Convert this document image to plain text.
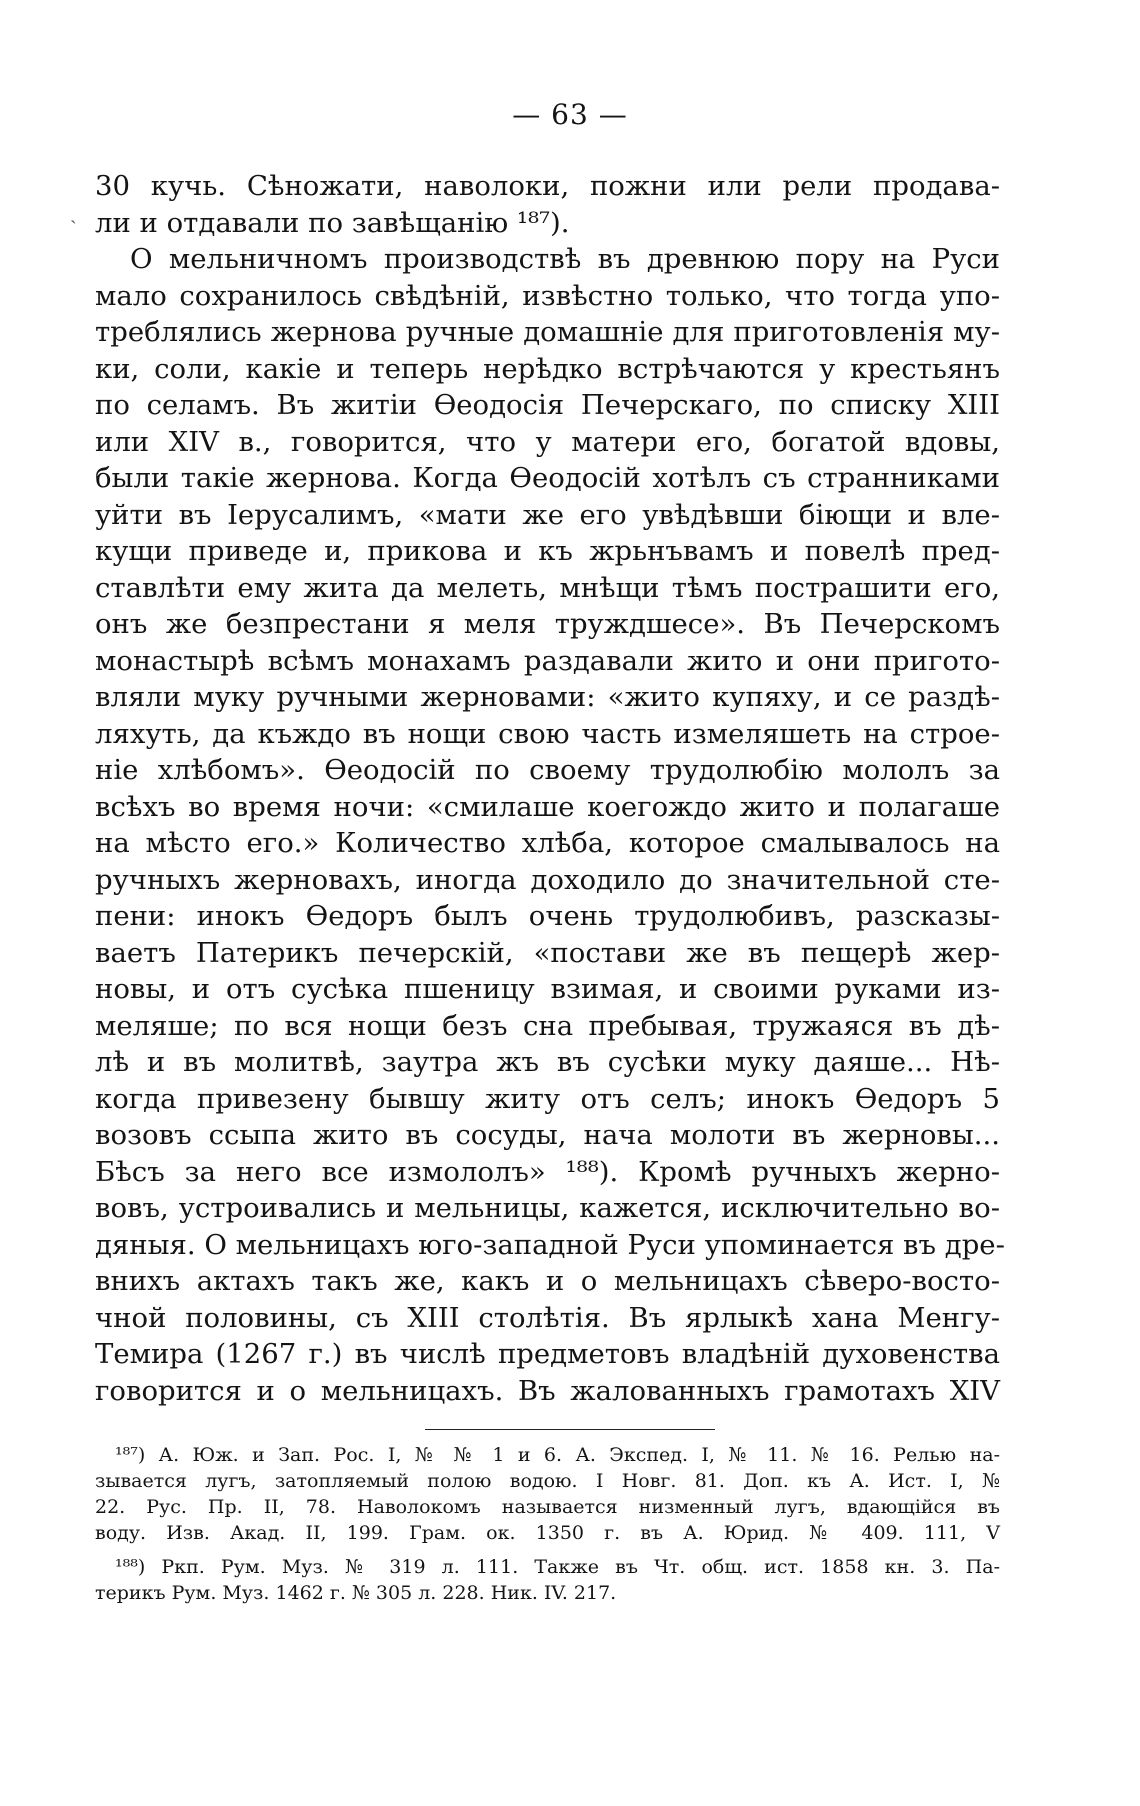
— 63 —
ˏ
30 кучь. Сѣножати, наволоки, пожни или рели продава-
ли и отдавали по завѣщанію ¹⁸⁷).
О мельничномъ производствѣ въ древнюю пору на Руси
мало сохранилось свѣдѣній, извѣстно только, что тогда упо-
треблялись жернова ручные домашніе для приготовленія му-
ки, соли, какіе и теперь нерѣдко встрѣчаются у крестьянъ
по селамъ. Въ житіи Ѳеодосія Печерскаго, по списку XIII
или XIV в., говорится, что у матери его, богатой вдовы,
были такіе жернова. Когда Ѳеодосій хотѣлъ съ странниками
уйти въ Іерусалимъ, «мати же его увѣдѣвши біющи и вле-
кущи приведе и, прикова и къ жрьнъвамъ и повелѣ пред-
ставлѣти ему жита да мелеть, мнѣщи тѣмъ пострашити его,
онъ же безпрестани я меля труждшесе». Въ Печерскомъ
монастырѣ всѣмъ монахамъ раздавали жито и они пригото-
вляли муку ручными жерновами: «жито купяху, и се раздѣ-
ляхуть, да къждо въ нощи свою часть измеляшеть на строе-
ніе хлѣбомъ». Ѳеодосій по своему трудолюбію мололъ за
всѣхъ во время ночи: «смилаше коегождо жито и полагаше
на мѣсто его.» Количество хлѣба, которое смалывалось на
ручныхъ жерновахъ, иногда доходило до значительной сте-
пени: инокъ Ѳедоръ былъ очень трудолюбивъ, разсказы-
ваетъ Патерикъ печерскій, «постави же въ пещерѣ жер-
новы, и отъ сусѣка пшеницу взимая, и своими руками из-
меляше; по вся нощи безъ сна пребывая, тружаяся въ дѣ-
лѣ и въ молитвѣ, заутра жъ въ сусѣки муку даяше... Нѣ-
когда привезену бывшу житу отъ селъ; инокъ Ѳедоръ 5
возовъ ссыпа жито въ сосуды, нача молоти въ жерновы...
Бѣсъ за него все измололъ» ¹⁸⁸). Кромѣ ручныхъ жерно-
вовъ, устроивались и мельницы, кажется, исключительно во-
дяныя. О мельницахъ юго-западной Руси упоминается въ дре-
внихъ актахъ такъ же, какъ и о мельницахъ сѣверо-восто-
чной половины, съ XIII столѣтія. Въ ярлыкѣ хана Менгу-
Темира (1267 г.) въ числѣ предметовъ владѣній духовенства
говорится и о мельницахъ. Въ жалованныхъ грамотахъ XIV
¹⁸⁷) А. Юж. и Зап. Рос. I, № № 1 и 6. А. Экспед. I, № 11. № 16. Релью на-
зывается лугъ, затопляемый полою водою. I Новг. 81. Доп. къ А. Ист. I, №
22. Рус. Пр. II, 78. Наволокомъ называется низменный лугъ, вдающійся въ
воду. Изв. Акад. II, 199. Грам. ок. 1350 г. въ А. Юрид. № 409. 111, V
¹⁸⁸) Ркп. Рум. Муз. № 319 л. 111. Также въ Чт. общ. ист. 1858 кн. 3. Па-
терикъ Рум. Муз. 1462 г. № 305 л. 228. Ник. IV. 217.
